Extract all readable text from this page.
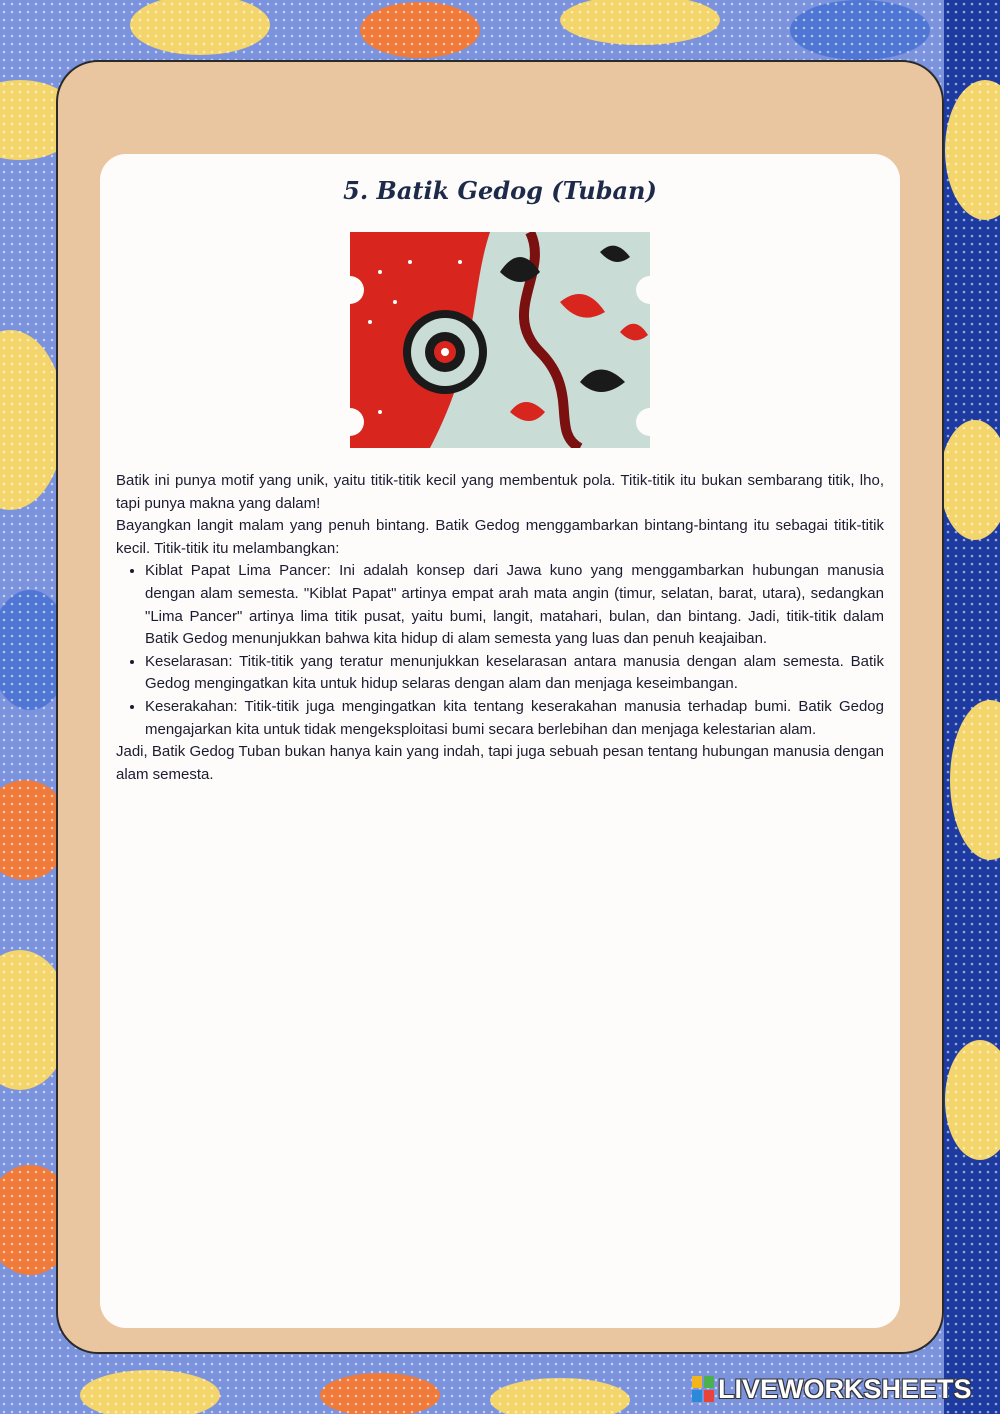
5. Batik Gedog (Tuban)

Batik ini punya motif yang unik, yaitu titik-titik kecil yang membentuk pola. Titik-titik itu bukan sembarang titik, lho, tapi punya makna yang dalam!

Bayangkan langit malam yang penuh bintang. Batik Gedog menggambarkan bintang-bintang itu sebagai titik-titik kecil. Titik-titik itu melambangkan:

• Kiblat Papat Lima Pancer: Ini adalah konsep dari Jawa kuno yang menggambarkan hubungan manusia dengan alam semesta. "Kiblat Papat" artinya empat arah mata angin (timur, selatan, barat, utara), sedangkan "Lima Pancer" artinya lima titik pusat, yaitu bumi, langit, matahari, bulan, dan bintang. Jadi, titik-titik dalam Batik Gedog menunjukkan bahwa kita hidup di alam semesta yang luas dan penuh keajaiban.
• Keselarasan: Titik-titik yang teratur menunjukkan keselarasan antara manusia dengan alam semesta. Batik Gedog mengingatkan kita untuk hidup selaras dengan alam dan menjaga keseimbangan.
• Keserakahan: Titik-titik juga mengingatkan kita tentang keserakahan manusia terhadap bumi. Batik Gedog mengajarkan kita untuk tidak mengeksploitasi bumi secara berlebihan dan menjaga kelestarian alam.

Jadi, Batik Gedog Tuban bukan hanya kain yang indah, tapi juga sebuah pesan tentang hubungan manusia dengan alam semesta.

LIVEWORKSHEETS
